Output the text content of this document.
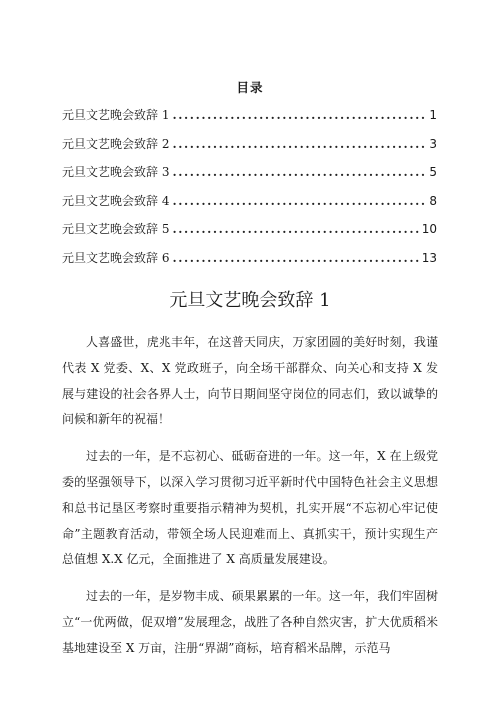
目录
元旦文艺晚会致辞 1 .....	1
元旦文艺晚会致辞 2 .....	3
元旦文艺晚会致辞 3 .....	5
元旦文艺晚会致辞 4 .....	8
元旦文艺晚会致辞 5 .....	10
元旦文艺晚会致辞 6 .....	13
元旦文艺晚会致辞 1

人喜盛世，虎兆丰年，在这普天同庆，万家团圆的美好时刻，我谨代表 X 党委、X、X 党政班子，向全场干部群众、向关心和支持 X 发展与建设的社会各界人士，向节日期间坚守岗位的同志们，致以诚挚的问候和新年的祝福！

过去的一年，是不忘初心、砥砺奋进的一年。这一年，X 在上级党委的坚强领导下，以深入学习贯彻习近平新时代中国特色社会主义思想和总书记垦区考察时重要指示精神为契机，扎实开展“不忘初心牢记使命”主题教育活动，带领全场人民迎难而上、真抓实干，预计实现生产总值想 X.X 亿元，全面推进了 X 高质量发展建设。

过去的一年，是岁物丰成、硕果累累的一年。这一年，我们牢固树立“一优两做，促双增”发展理念，战胜了各种自然灾害，扩大优质稻米基地建设至 X 万亩，注册“界湖”商标，培育稻米品牌，示范马
